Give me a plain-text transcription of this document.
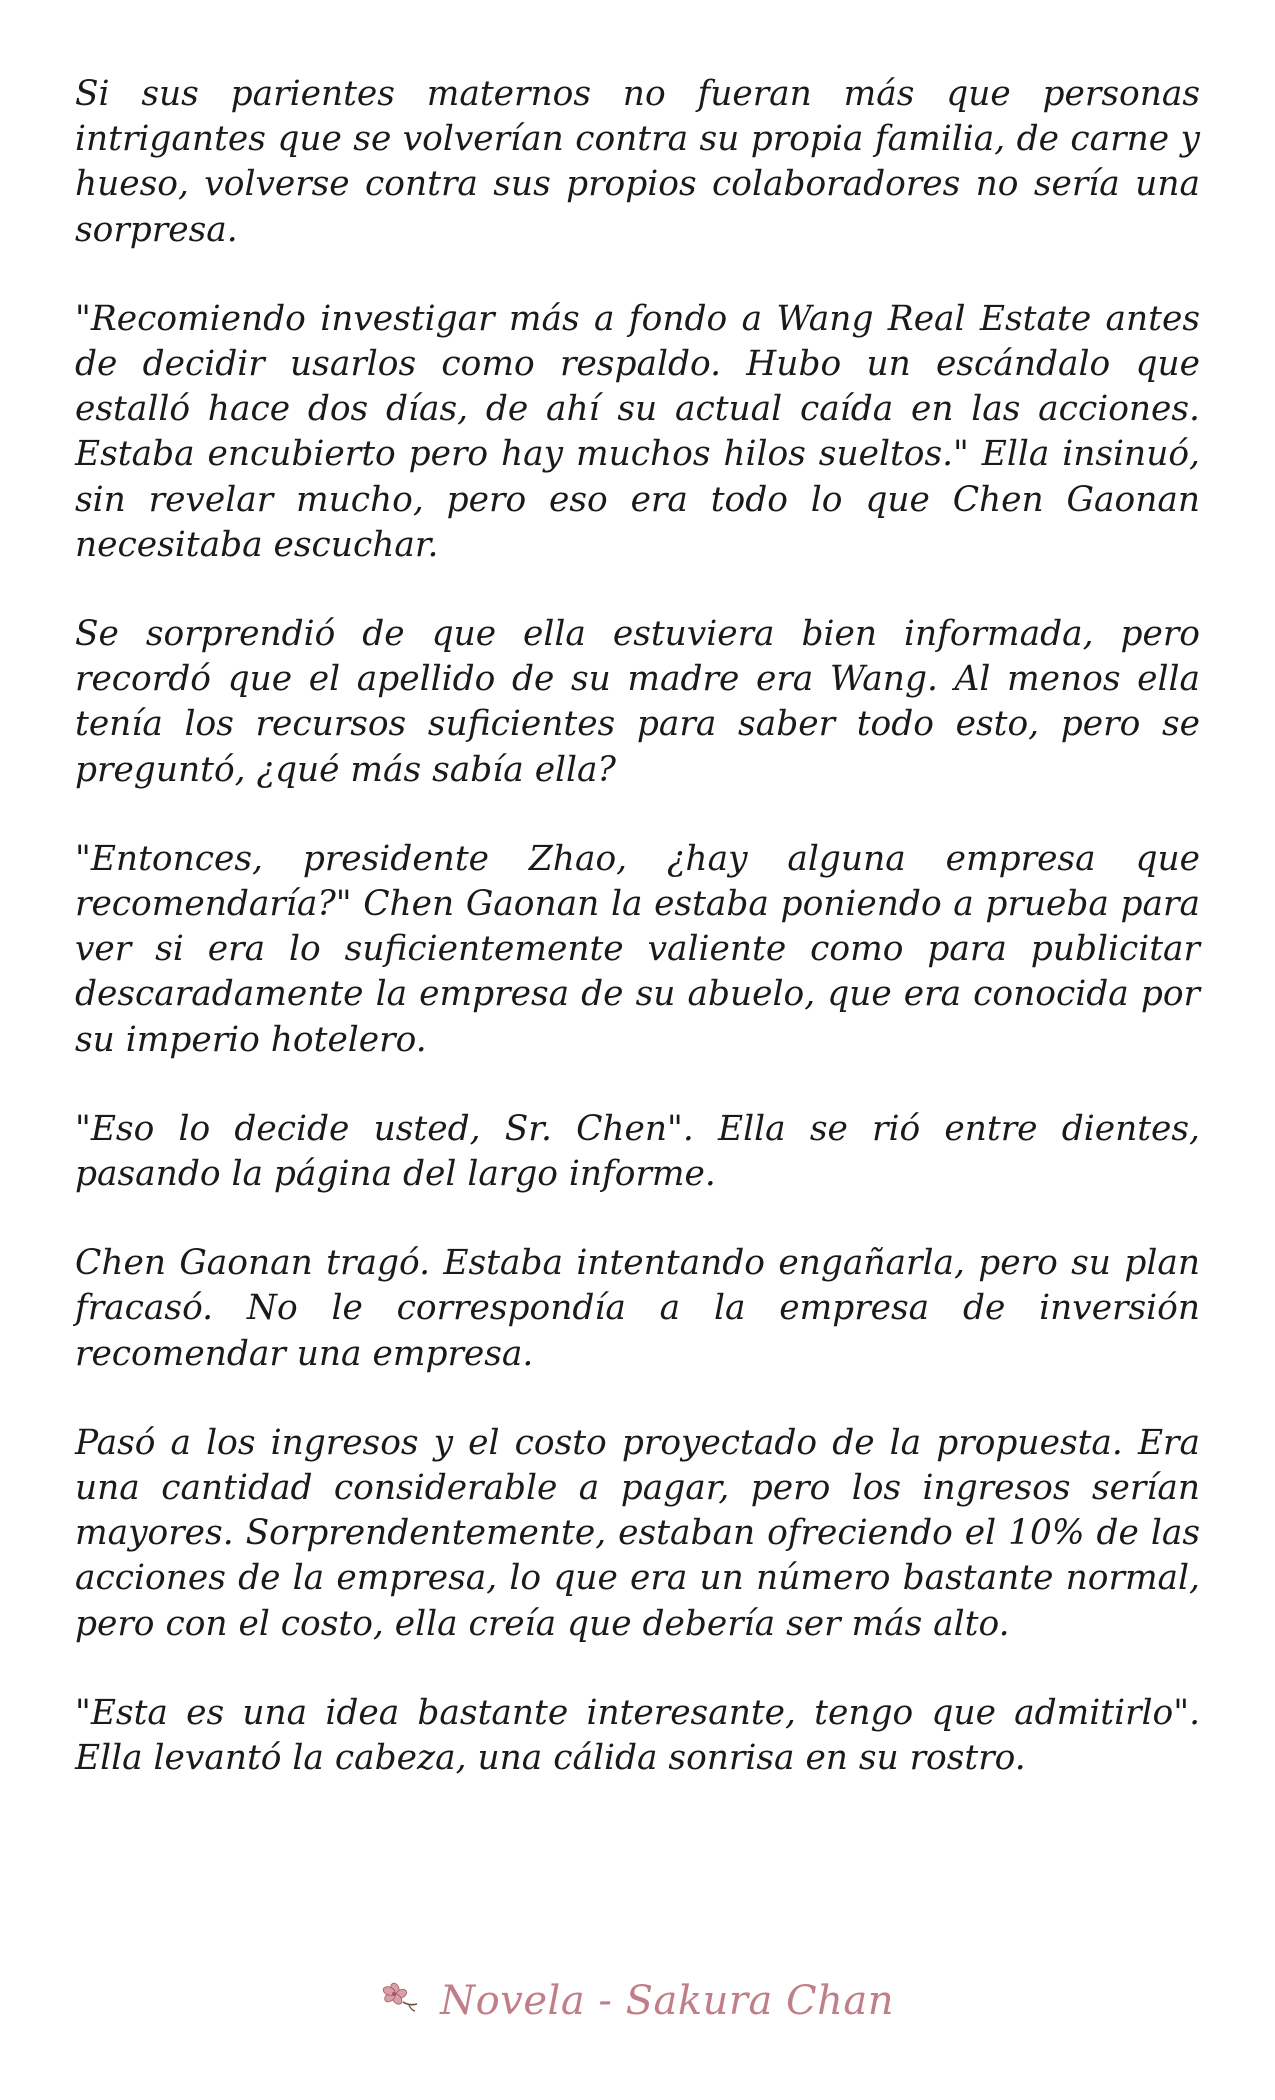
Si sus parientes maternos no fueran más que personas intrigantes que se volverían contra su propia familia, de carne y hueso, volverse contra sus propios colaboradores no sería una sorpresa.

"Recomiendo investigar más a fondo a Wang Real Estate antes de decidir usarlos como respaldo. Hubo un escándalo que estalló hace dos días, de ahí su actual caída en las acciones. Estaba encubierto pero hay muchos hilos sueltos." Ella insinuó, sin revelar mucho, pero eso era todo lo que Chen Gaonan necesitaba escuchar.

Se sorprendió de que ella estuviera bien informada, pero recordó que el apellido de su madre era Wang. Al menos ella tenía los recursos suficientes para saber todo esto, pero se preguntó, ¿qué más sabía ella?

"Entonces, presidente Zhao, ¿hay alguna empresa que recomendaría?" Chen Gaonan la estaba poniendo a prueba para ver si era lo suficientemente valiente como para publicitar descaradamente la empresa de su abuelo, que era conocida por su imperio hotelero.

"Eso lo decide usted, Sr. Chen". Ella se rió entre dientes, pasando la página del largo informe.

Chen Gaonan tragó. Estaba intentando engañarla, pero su plan fracasó. No le correspondía a la empresa de inversión recomendar una empresa.

Pasó a los ingresos y el costo proyectado de la propuesta. Era una cantidad considerable a pagar, pero los ingresos serían mayores. Sorprendentemente, estaban ofreciendo el 10% de las acciones de la empresa, lo que era un número bastante normal, pero con el costo, ella creía que debería ser más alto.

"Esta es una idea bastante interesante, tengo que admitirlo". Ella levantó la cabeza, una cálida sonrisa en su rostro.

Novela - Sakura Chan
